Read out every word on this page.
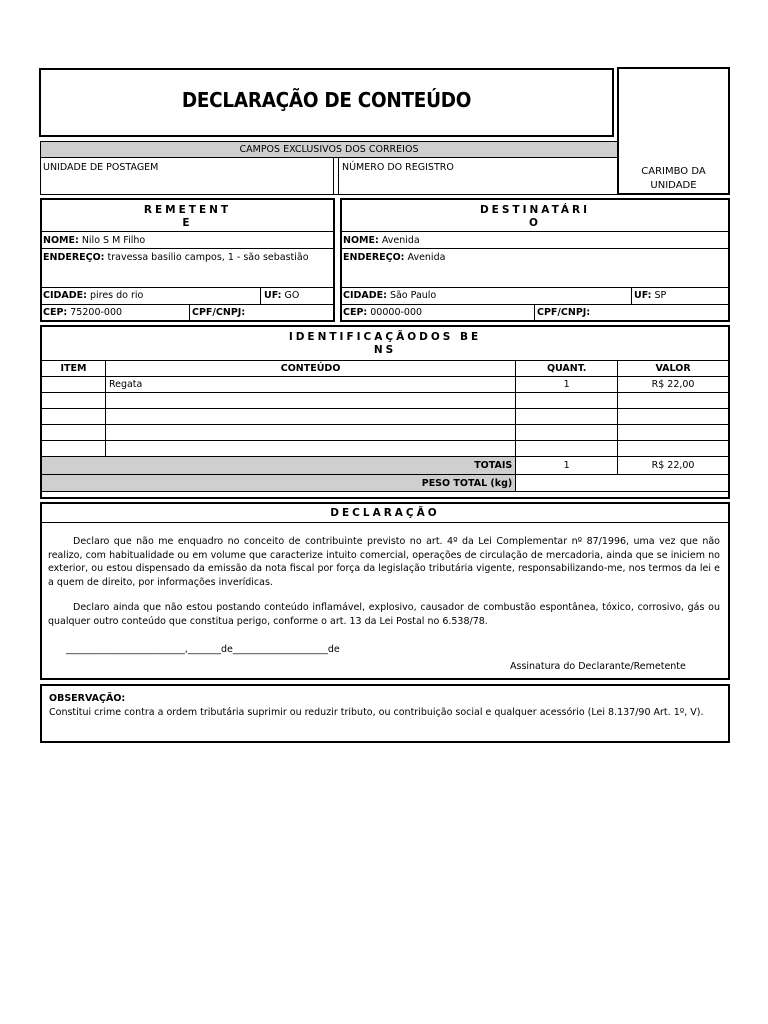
DECLARAÇÃO DE CONTEÚDO
CARIMBO DA
UNIDADE
CAMPOS EXCLUSIVOS DOS CORREIOS
UNIDADE DE POSTAGEM	NÚMERO DO REGISTRO
REMETENT
E
NOME: Nilo S M Filho
ENDEREÇO: travessa basilio campos, 1 - são sebastião
CIDADE: pires do rio	UF: GO
CEP: 75200-000	CPF/CNPJ:
DESTINATÁRI
O
NOME: Avenida
ENDEREÇO: Avenida
CIDADE: São Paulo	UF: SP
CEP: 00000-000	CPF/CNPJ:
IDENTIFICAÇÃODOS BE
NS
ITEM	CONTEÚDO	QUANT.	VALOR
	Regata	1	R$ 22,00

TOTAIS		1	R$ 22,00
PESO TOTAL (kg)			
DECLARAÇÃO
Declaro que não me enquadro no conceito de contribuinte previsto no art. 4º da Lei Complementar nº 87/1996, uma vez que não realizo, com habitualidade ou em volume que caracterize intuito comercial, operações de circulação de mercadoria, ainda que se iniciem no exterior, ou estou dispensado da emissão da nota fiscal por força da legislação tributária vigente, responsabilizando-me, nos termos da lei e a quem de direito, por informações inverídicas.
Declaro ainda que não estou postando conteúdo inflamável, explosivo, causador de combustão espontânea, tóxico, corrosivo, gás ou qualquer outro conteúdo que constitua perigo, conforme o art. 13 da Lei Postal no 6.538/78.
_________________________,_______de____________________de
Assinatura do Declarante/Remetente
OBSERVAÇÃO:
Constitui crime contra a ordem tributária suprimir ou reduzir tributo, ou contribuição social e qualquer acessório (Lei 8.137/90 Art. 1º, V).
